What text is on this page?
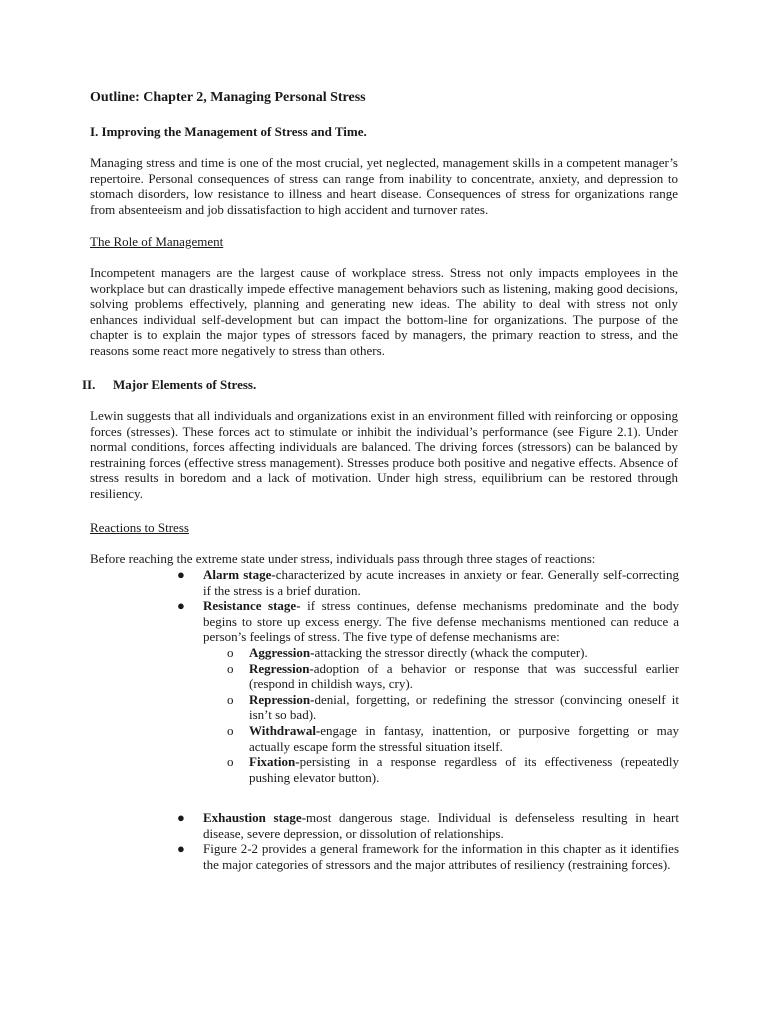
Outline: Chapter 2, Managing Personal Stress
I. Improving the Management of Stress and Time.

Managing stress and time is one of the most crucial, yet neglected, management skills in a competent manager’s repertoire. Personal consequences of stress can range from inability to concentrate, anxiety, and depression to stomach disorders, low resistance to illness and heart disease. Consequences of stress for organizations range from absenteeism and job dissatisfaction to high accident and turnover rates.

The Role of Management

Incompetent managers are the largest cause of workplace stress. Stress not only impacts employees in the workplace but can drastically impede effective management behaviors such as listening, making good decisions, solving problems effectively, planning and generating new ideas. The ability to deal with stress not only enhances individual self-development but can impact the bottom-line for organizations. The purpose of the chapter is to explain the major types of stressors faced by managers, the primary reaction to stress, and the reasons some react more negatively to stress than others.

II. Major Elements of Stress.

Lewin suggests that all individuals and organizations exist in an environment filled with reinforcing or opposing forces (stresses). These forces act to stimulate or inhibit the individual’s performance (see Figure 2.1). Under normal conditions, forces affecting individuals are balanced. The driving forces (stressors) can be balanced by restraining forces (effective stress management). Stresses produce both positive and negative effects. Absence of stress results in boredom and a lack of motivation. Under high stress, equilibrium can be restored through resiliency.

Reactions to Stress

Before reaching the extreme state under stress, individuals pass through three stages of reactions:

● Alarm stage-characterized by acute increases in anxiety or fear. Generally self-correcting if the stress is a brief duration.
● Resistance stage- if stress continues, defense mechanisms predominate and the body begins to store up excess energy. The five defense mechanisms mentioned can reduce a person’s feelings of stress. The five type of defense mechanisms are:
o Aggression-attacking the stressor directly (whack the computer).
o Regression-adoption of a behavior or response that was successful earlier (respond in childish ways, cry).
o Repression-denial, forgetting, or redefining the stressor (convincing oneself it isn’t so bad).
o Withdrawal-engage in fantasy, inattention, or purposive forgetting or may actually escape form the stressful situation itself.
o Fixation-persisting in a response regardless of its effectiveness (repeatedly pushing elevator button).
● Exhaustion stage-most dangerous stage. Individual is defenseless resulting in heart disease, severe depression, or dissolution of relationships.
● Figure 2-2 provides a general framework for the information in this chapter as it identifies the major categories of stressors and the major attributes of resiliency (restraining forces).
